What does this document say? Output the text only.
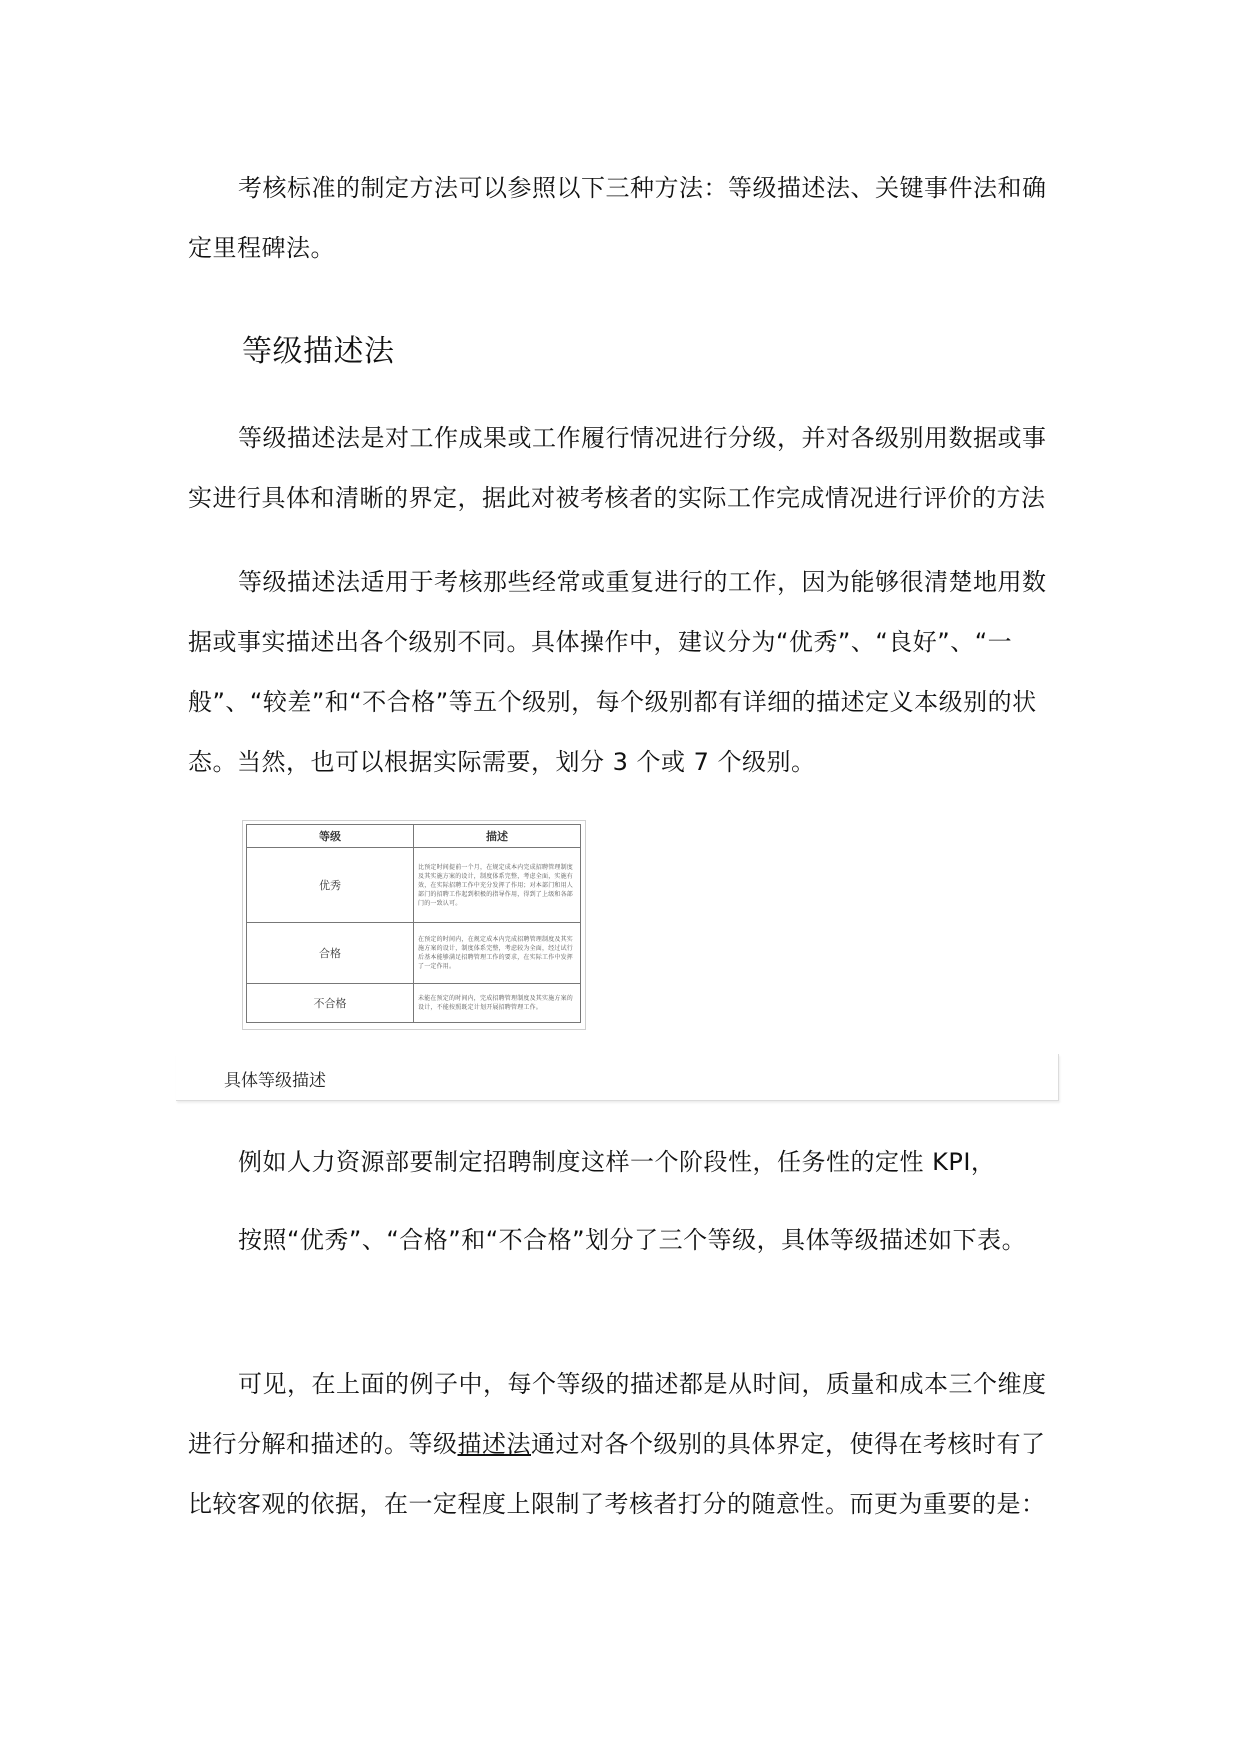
考核标准的制定方法可以参照以下三种方法：等级描述法、关键事件法和确定里程碑法。

等级描述法

等级描述法是对工作成果或工作履行情况进行分级，并对各级别用数据或事实进行具体和清晰的界定，据此对被考核者的实际工作完成情况进行评价的方法

等级描述法适用于考核那些经常或重复进行的工作，因为能够很清楚地用数据或事实描述出各个级别不同。具体操作中，建议分为“优秀”、“良好”、“一般”、“较差”和“不合格”等五个级别，每个级别都有详细的描述定义本级别的状态。当然，也可以根据实际需要，划分 3 个或 7 个级别。

等级	描述
优秀	比预定时间提前一个月，在规定成本内完成招聘管理制度及其实施方案的设计，制度体系完整，考虑全面，实施有效，在实际招聘工作中充分发挥了作用；对本部门和用人部门的招聘工作起到积极的指导作用，得到了上级和各部门的一致认可。
合格	在预定的时间内，在规定成本内完成招聘管理制度及其实施方案的设计，制度体系完整，考虑较为全面，经过试行后基本能够满足招聘管理工作的要求，在实际工作中发挥了一定作用。
不合格	未能在预定的时间内，完成招聘管理制度及其实施方案的设计，不能按照既定计划开展招聘管理工作。
具体等级描述

例如人力资源部要制定招聘制度这样一个阶段性，任务性的定性 KPI，

按照“优秀”、“合格”和“不合格”划分了三个等级，具体等级描述如下表。

可见，在上面的例子中，每个等级的描述都是从时间，质量和成本三个维度进行分解和描述的。等级描述法通过对各个级别的具体界定，使得在考核时有了比较客观的依据，在一定程度上限制了考核者打分的随意性。而更为重要的是：
